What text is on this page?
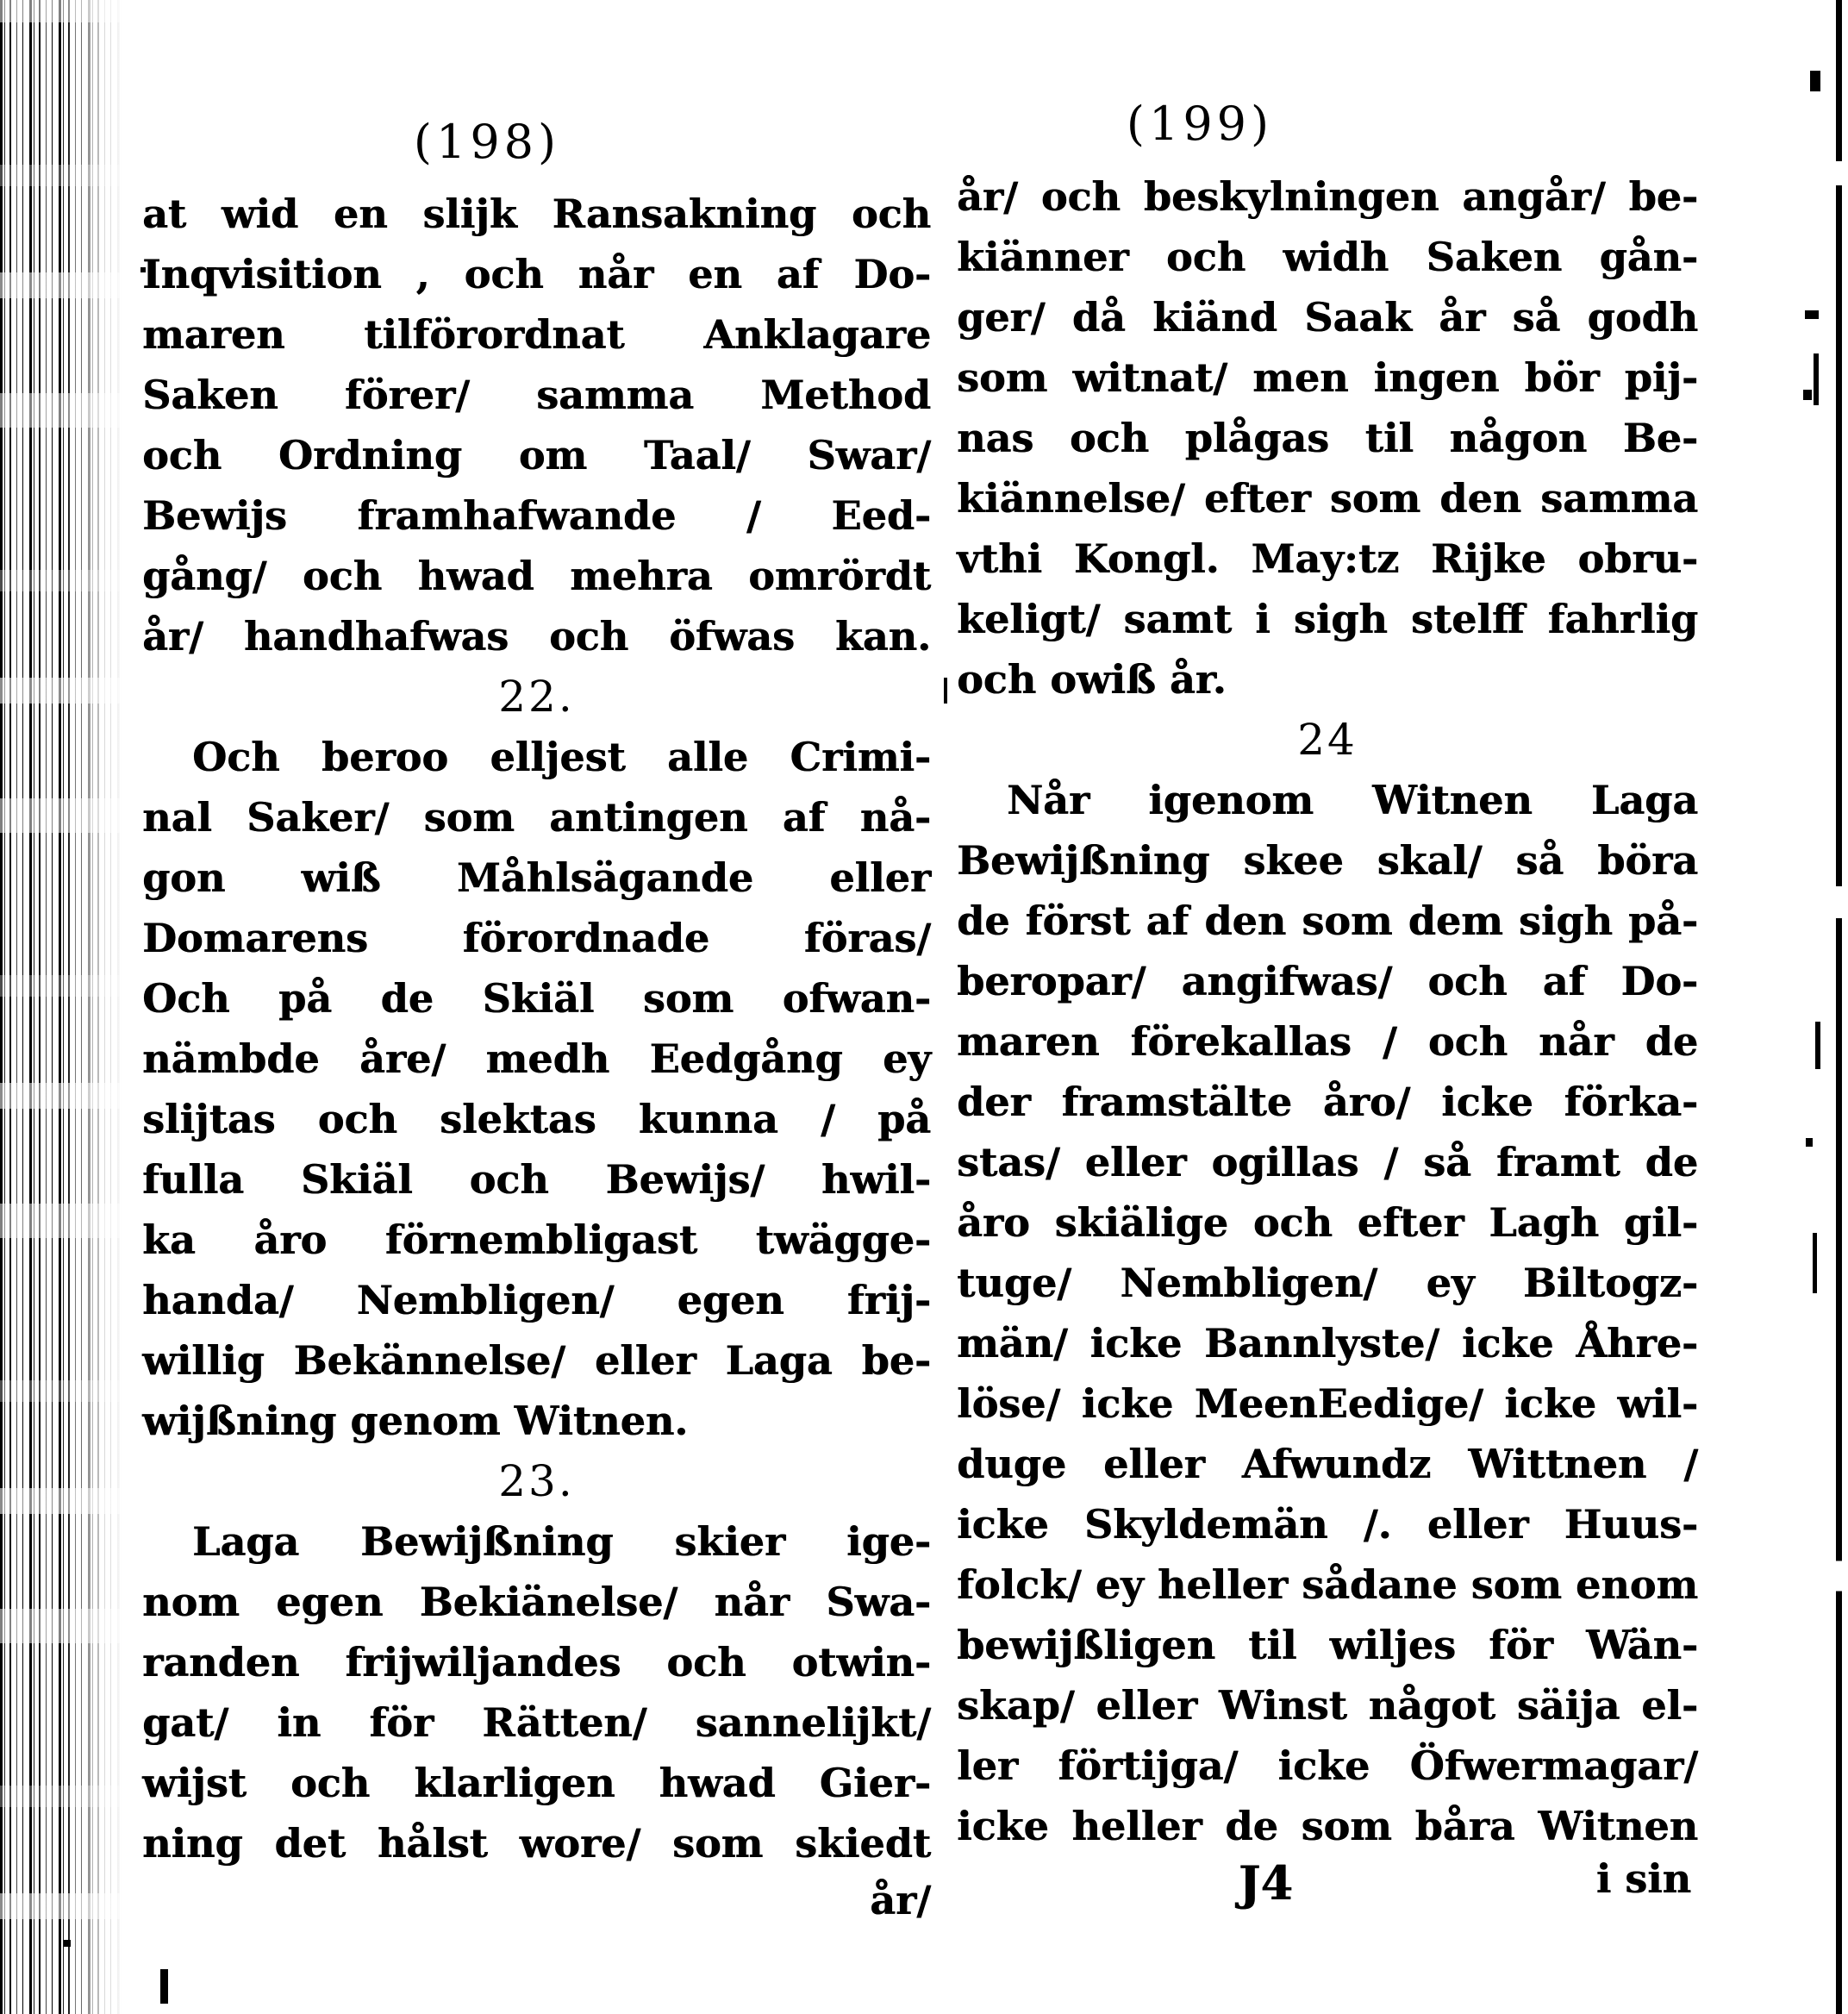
(198)
at wid en slijk Ransakning och
Inqvisition , och når en af Do-
maren tilförordnat Anklagare
Saken förer/ samma Method
och Ordning om Taal/ Swar/
Bewijs framhafwande / Eed-
gång/ och hwad mehra omrördt
år/ handhafwas och öfwas kan.
22.
Och beroo elljest alle Crimi-
nal Saker/ som antingen af nå-
gon wiß Måhlsägande eller
Domarens förordnade föras/
Och på de Skiäl som ofwan-
nämbde åre/ medh Eedgång ey
slijtas och slektas kunna / på
fulla Skiäl och Bewijs/ hwil-
ka åro förnembligast twägge-
handa/ Nembligen/ egen frij-
willig Bekännelse/ eller Laga be-
wijßning genom Witnen.
23.
Laga Bewijßning skier ige-
nom egen Bekiänelse/ når Swa-
randen frijwiljandes och otwin-
gat/ in för Rätten/ sannelijkt/
wijst och klarligen hwad Gier-
ning det hålst wore/ som skiedt
år/
(199)
år/ och beskylningen angår/ be-
kiänner och widh Saken gån-
ger/ då kiänd Saak år så godh
som witnat/ men ingen bör pij-
nas och plågas til någon Be-
kiännelse/ efter som den samma
vthi Kongl. May:tz Rijke obru-
keligt/ samt i sigh stelff fahrlig
och owiß år.
24
Når igenom Witnen Laga
Bewijßning skee skal/ så böra
de först af den som dem sigh på-
beropar/ angifwas/ och af Do-
maren förekallas / och når de
der framstälte åro/ icke förka-
stas/ eller ogillas / så framt de
åro skiälige och efter Lagh gil-
tuge/ Nembligen/ ey Biltogz-
män/ icke Bannlyste/ icke Åhre-
löse/ icke MeenEedige/ icke wil-
duge eller Afwundz Wittnen /
icke Skyldemän /. eller Huus-
folck/ ey heller sådane som enom
bewijßligen til wiljes för Wän-
skap/ eller Winst något säija el-
ler förtijga/ icke Öfwermagar/
icke heller de som båra Witnen
J4	i sin
